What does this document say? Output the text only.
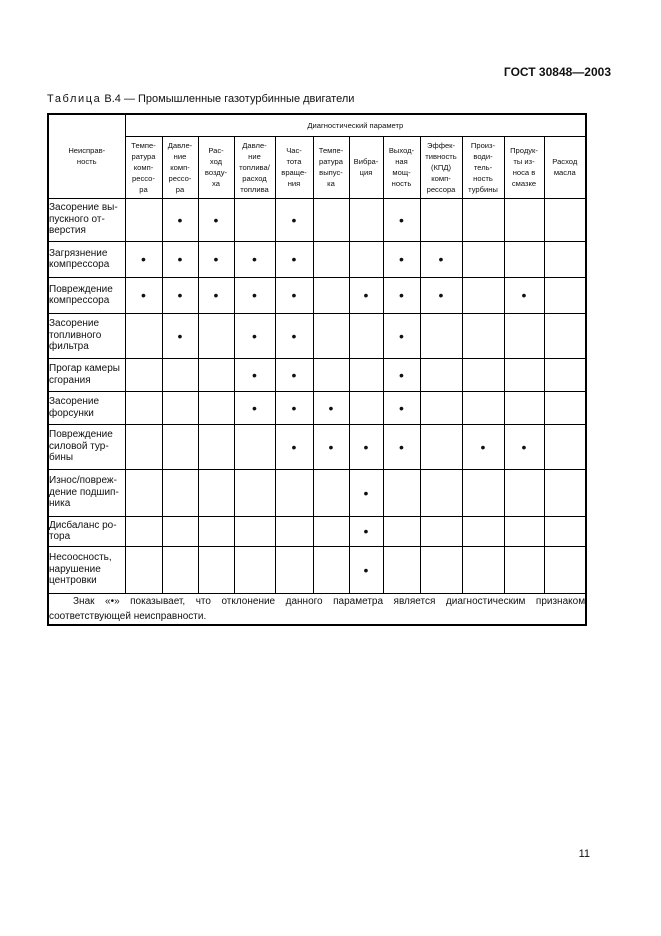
ГОСТ 30848—2003
Таблица В.4 — Промышленные газотурбинные двигатели
Неисправ-
ность	Диагностический параметр											
	Темпе-
ратура
комп-
рессо-
ра	Давле-
ние
комп-
рессо-
ра	Рас-
ход
возду-
ха	Давле-
ние
топлива/
расход
топлива	Час-
тота
враще-
ния	Темпе-
ратура
выпус-
ка	Вибра-
ция	Выход-
ная
мощ-
ность	Эффек-
тивность
(КПД)
комп-
рессора	Произ-
води-
тель-
ность
турбины	Продук-
ты из-
носа в
смазке	Расход
масла
Засорение вы-
пускного от-
верстия		•	•		•			•				
Загрязнение
компрессора	•	•	•	•	•			•	•			
Повреждение
компрессора	•	•	•	•	•		•	•	•		•	
Засорение
топливного
фильтра		•		•	•			•				
Прогар камеры
сгорания				•	•			•				
Засорение
форсунки				•	•	•		•				
Повреждение
силовой тур-
бины					•	•	•	•		•	•	
Износ/повреж-
дение подшип-
ника							•					
Дисбаланс ро-
тора							•					
Несоосность,
нарушение
центровки							•					
Знак «•» показывает, что отклонение данного параметра является диагностическим признаком соответствующей неисправности.												
11
